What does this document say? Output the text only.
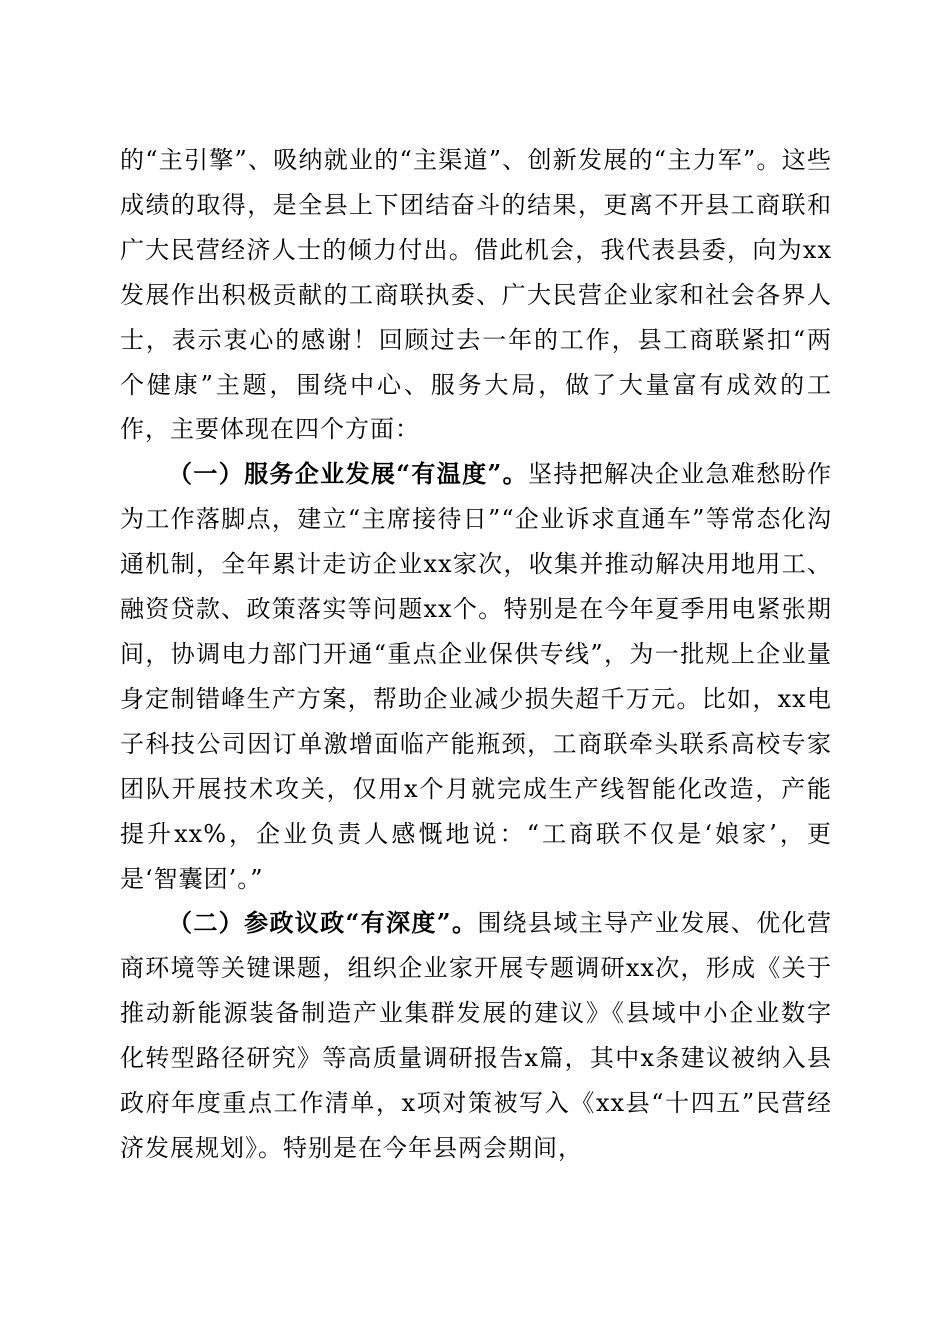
的“主引擎”、吸纳就业的“主渠道”、创新发展的“主力军”。这些成绩的取得，是全县上下团结奋斗的结果，更离不开县工商联和广大民营经济人士的倾力付出。借此机会，我代表县委，向为xx发展作出积极贡献的工商联执委、广大民营企业家和社会各界人士，表示衷心的感谢！回顾过去一年的工作，县工商联紧扣“两个健康”主题，围绕中心、服务大局，做了大量富有成效的工作，主要体现在四个方面：

（一）服务企业发展“有温度”。坚持把解决企业急难愁盼作为工作落脚点，建立“主席接待日”“企业诉求直通车”等常态化沟通机制，全年累计走访企业xx家次，收集并推动解决用地用工、融资贷款、政策落实等问题xx个。特别是在今年夏季用电紧张期间，协调电力部门开通“重点企业保供专线”，为一批规上企业量身定制错峰生产方案，帮助企业减少损失超千万元。比如，xx电子科技公司因订单激增面临产能瓶颈，工商联牵头联系高校专家团队开展技术攻关，仅用x个月就完成生产线智能化改造，产能提升xx%，企业负责人感慨地说：“工商联不仅是‘娘家’，更是‘智囊团’。”

（二）参政议政“有深度”。围绕县域主导产业发展、优化营商环境等关键课题，组织企业家开展专题调研xx次，形成《关于推动新能源装备制造产业集群发展的建议》《县域中小企业数字化转型路径研究》等高质量调研报告x篇，其中x条建议被纳入县政府年度重点工作清单，x项对策被写入《xx县“十四五”民营经济发展规划》。特别是在今年县两会期间，
